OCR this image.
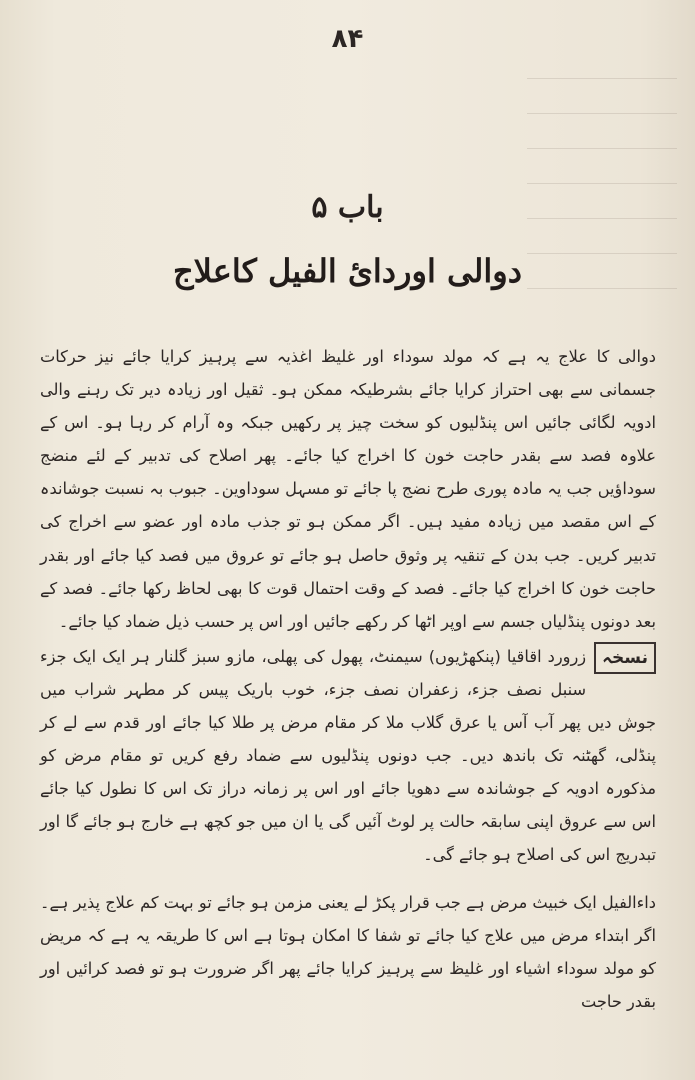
۸۴
باب ۵
دوالی اوردائ الفیل کاعلاج

دوالی کا علاج یہ ہے کہ مولد سوداء اور غلیظ اغذیہ سے پرہیز کرایا جائے نیز حرکات جسمانی سے بھی احتراز کرایا جائے بشرطیکہ ممکن ہو۔ ثقیل اور زیادہ دیر تک رہنے والی ادویہ لگائی جائیں اس پنڈلیوں کو سخت چیز پر رکھیں جبکہ وہ آرام کر رہا ہو۔ اس کے علاوہ فصد سے بقدر حاجت خون کا اخراج کیا جائے۔ پھر اصلاح کی تدبیر کے لئے منضج سوداؤیں جب یہ مادہ پوری طرح نضج پا جائے تو مسہل سوداوین۔ جبوب بہ نسبت جوشاندہ کے اس مقصد میں زیادہ مفید ہیں۔ اگر ممکن ہو تو جذب مادہ اور عضو سے اخراج کی تدبیر کریں۔ جب بدن کے تنقیہ پر وثوق حاصل ہو جائے تو عروق میں فصد کیا جائے اور بقدر حاجت خون کا اخراج کیا جائے۔ فصد کے وقت احتمال قوت کا بھی لحاظ رکھا جائے۔ فصد کے بعد دونوں پنڈلیاں جسم سے اوپر اٹھا کر رکھے جائیں اور اس پر حسب ذیل ضماد کیا جائے۔

نسخہ
زرورد اقاقیا (پنکھڑیوں) سیمنٹ، پھول کی پھلی، مازو سبز گلنار ہر ایک ایک جزء سنبل نصف جزء، زعفران نصف جزء، خوب باریک پیس کر مطہر شراب میں جوش دیں پھر آب آس یا عرق گلاب ملا کر مقام مرض پر طلا کیا جائے اور قدم سے لے کر پنڈلی، گھٹنہ تک باندھ دیں۔ جب دونوں پنڈلیوں سے ضماد رفع کریں تو مقام مرض کو مذکورہ ادویہ کے جوشاندہ سے دھویا جائے اور اس پر زمانہ دراز تک اس کا نطول کیا جائے اس سے عروق اپنی سابقہ حالت پر لوٹ آئیں گی یا ان میں جو کچھ ہے خارج ہو جائے گا اور تبدریج اس کی اصلاح ہو جائے گی۔

داءالفیل ایک خبیث مرض ہے جب قرار پکڑ لے یعنی مزمن ہو جائے تو بہت کم علاج پذیر ہے۔ اگر ابتداء مرض میں علاج کیا جائے تو شفا کا امکان ہوتا ہے اس کا طریقہ یہ ہے کہ مریض کو مولد سوداء اشیاء اور غلیظ سے پرہیز کرایا جائے پھر اگر ضرورت ہو تو فصد کرائیں اور بقدر حاجت
